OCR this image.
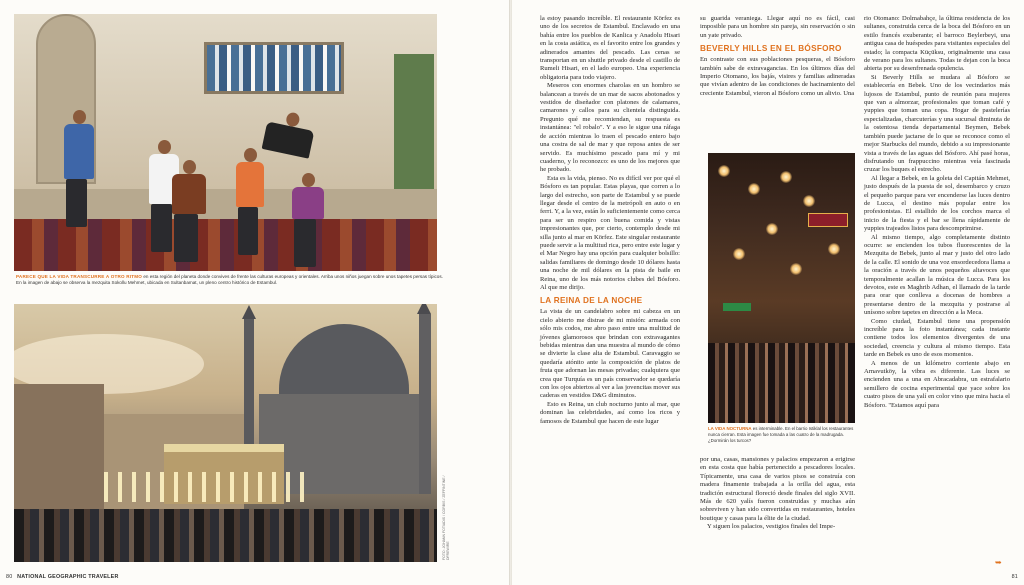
PARECE QUE LA VIDA TRANSCURRE A OTRO RITMO en esta región del planeta donde convives de frente las culturas europeas y orientales. Arriba unos niños juegan sobre unos tapetes persas típicos. En la imagen de abajo se observa la mezquita Sokollu Mehmet, ubicada en Sultanbamat, un pleno centro histórico de Estambul.

FOTO: JOHANN FOTIADIS / CORBIS / ZEFFINTINE / DFREWIRE
80 NATIONAL GEOGRAPHIC TRAVELER

la estoy pasando increíble. El restaurante Körfez es uno de los secretos de Estambul. Enclavado en una bahía entre los pueblos de Kanlica y Anadolu Hisari en la costa asiática, es el favorito entre los grandes y adinerados amantes del pescado. Las cenas se transportan en un shuttle privado desde el castillo de Rumeli Hisari, en el lado europeo. Una experiencia obligatoria para todo viajero.

Meseros con enormes charolas en un hombro se balancean a través de un mar de sacos abotonados y vestidos de diseñador con platones de calamares, camarones y callos para su clientela distinguida. Pregunto qué me recomiendan, su respuesta es instantánea: "el robalo". Y a eso le sigue una ráfaga de acción mientras lo traen el pescado entero bajo una costra de sal de mar y que reposa antes de ser servido. Es muchísimo pescado para mí y mi cuaderno, y lo reconozco: es uno de los mejores que he probado.

Esta es la vida, pienso. No es difícil ver por qué el Bósforo es tan popular. Estas playas, que corren a lo largo del estrecho, son parte de Estambul y se puede llegar desde el centro de la metrópoli en auto o en ferri. Y, a la vez, están lo suficientemente como cerca para ser un respiro con buena comida y vistas impresionantes que, por cierto, contemplo desde mi silla junto al mar en Körfez. Este singular restaurante puede servir a la multitud rica, pero entre este lugar y el Mar Negro hay una opción para cualquier bolsillo: salidas familiares de domingo desde 10 dólares hasta una noche de mil dólares en la pista de baile en Reina, uno de los más notorios clubes del Bósforo. Al que me dirijo.

LA REINA DE LA NOCHE

La vista de un candelabro sobre mi cabeza en un cielo abierto me distrae de mi misión: armada con sólo mis codos, me abro paso entre una multitud de jóvenes glamorosos que brindan con extravagantes bebidas mientras dan una muestra al mundo de cómo se divierte la clase alta de Estambul. Caravaggio se quedaría atónito ante la composición de platos de fruta que adornan las mesas privadas; cualquiera que crea que Turquía es un país conservador se quedaría con los ojos abiertos al ver a las jovencitas mover sus caderas en vestidos D&G diminutos.

Esto es Reina, un club nocturno junto al mar, que dominan las celebridades, así como los ricos y famosos de Estambul que hacen de este lugar

su guarida veraniega. Llegar aquí no es fácil, casi imposible para un hombre sin pareja, sin reservación o sin un yate privado.

BEVERLY HILLS EN EL BÓSFORO

En contraste con sus poblaciones pesqueras, el Bósforo también sabe de extravagancias. En los últimos días del Imperio Otomano, los bajás, visires y familias adineradas que vivían adentro de las condiciones de hacinamiento del creciente Estambul, vieron al Bósforo como un alivio. Una

LA VIDA NOCTURNA es interminable. En el barrio Istiklal los restaurantes nunca cierran. Esta imagen fue tomada a las cuatro de la madrugada. ¿Dormirán los turcos?

por una, casas, mansiones y palacios empezaron a erigirse en esta costa que había pertenecido a pescadores locales. Típicamente, una casa de varios pisos se construía con madera finamente trabajada a la orilla del agua, esta tradición estructural floreció desde finales del siglo XVII. Más de 620 yalís fueron construidas y muchas aún sobreviven y han sido convertidas en restaurantes, hoteles boutique y casas para la élite de la ciudad.

Y siguen los palacios, vestigios finales del Impe-

rio Otomano: Dolmabahçe, la última residencia de los sultanes, construida cerca de la boca del Bósforo en un estilo francés exuberante; el barroco Beylerbeyi, una antigua casa de huéspedes para visitantes especiales del estado; la compacta Küçüksu, originalmente una casa de verano para los sultanes. Todas te dejan con la boca abierta por su desenfrenada opulencia.

Si Beverly Hills se mudara al Bósforo se establecería en Bebek. Uno de los vecindarios más lujosos de Estambul, punto de reunión para mujeres que van a almorzar, profesionales que toman café y yuppies que toman una copa. Hogar de pastelerías especializadas, charcuterías y una sucursal diminuta de la ostentosa tienda departamental Beymen, Bebek también puede jactarse de lo que se reconoce como el mejor Starbucks del mundo, debido a su impresionante vista a través de las aguas del Bósforo. Ahí pasé horas, disfrutando un frappuccino mientras veía fascinada cruzar los buques el estrecho.

Al llegar a Bebek, en la goleta del Capitán Mehmet, justo después de la puesta de sol, desembarco y cruzo el pequeño parque para ver encenderse las luces dentro de Lucca, el destino más popular entre los profesionistas. El estallido de los corchos marca el inicio de la fiesta y el bar se llena rápidamente de yuppies trajeados listos para descomprimirse.

Al mismo tiempo, algo completamente distinto ocurre: se encienden los tubos fluorescentes de la Mezquita de Bebek, junto al mar y justo del otro lado de la calle. El sonido de una voz ensordecedora llama a la oración a través de unos pequeños altavoces que temporalmente acallan la música de Lucca. Para los devotos, este es Maghrib Adhan, el llamado de la tarde para orar que conlleva a docenas de hombres a presentarse dentro de la mezquita y postrarse al unísono sobre tapetes en dirección a la Meca.

Como ciudad, Estambul tiene una propensión increíble para la foto instantánea; cada instante contiene todos los elementos divergentes de una sociedad, creencia y cultura al mismo tiempo. Esta tarde en Bebek es uno de esos momentos.

A menos de un kilómetro corriente abajo en Arnavutköy, la vibra es diferente. Las luces se encienden una a una en Abracadabra, un estrafalario semillero de cocina experimental que yace sobre los cuatro pisos de una yalí en color vino que mira hacia el Bósforo. "Estamos aquí para

➥
81
